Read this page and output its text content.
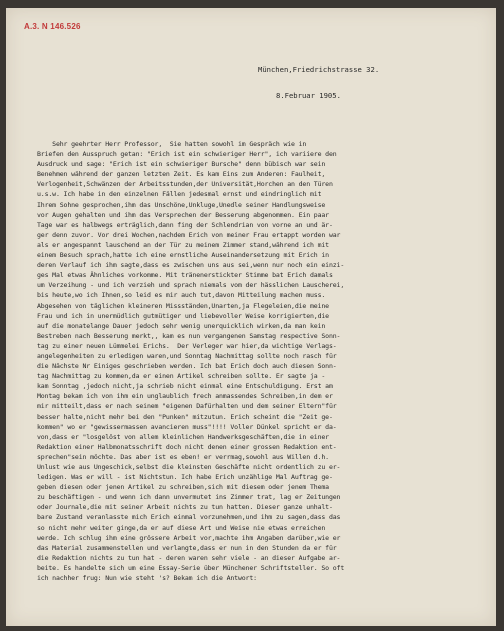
A.3. N 146.526
München,Friedrichstrasse 32.
8.Februar 1905.
Sehr geehrter Herr Professor,  Sie hatten sowohl im Gespräch wie in
Briefen den Ausspruch getan: "Erich ist ein schwieriger Herr", ich variiere den
Ausdruck und sage: "Erich ist ein schwieriger Bursche" denn bübisch war sein
Benehmen während der ganzen letzten Zeit. Es kam Eins zum Anderen: Faulheit,
Verlogenheit,Schwänzen der Arbeitsstunden,der Universität,Horchen an den Türen
u.s.w. Ich habe in den einzelnen Fällen jedesmal ernst und eindringlich mit
Ihrem Sohne gesprochen,ihm das Unschöne,Unkluge,Unedle seiner Handlungsweise
vor Augen gehalten und ihm das Versprechen der Besserung abgenommen. Ein paar
Tage war es halbwegs erträglich,dann fing der Schlendrian von vorne an und är-
ger denn zuvor. Vor drei Wochen,nachdem Erich von meiner Frau ertappt worden war
als er angespannt lauschend an der Tür zu meinem Zimmer stand,während ich mit
einem Besuch sprach,hatte ich eine ernstliche Auseinandersetzung mit Erich in
deren Verlauf ich ihm sagte,dass es zwischen uns aus sei,wenn nur noch ein einzi-
ges Mal etwas Ähnliches vorkomme. Mit tränenerstickter Stimme bat Erich damals
um Verzeihung - und ich verzieh und sprach niemals vom der hässlichen Lauscherei,
bis heute,wo ich Ihnen,so leid es mir auch tut,davon Mitteilung machen muss.
Abgesehen von täglichen kleineren Missständen,Unarten,ja Flegeleien,die meine
Frau und ich in unermüdlich gutmütiger und liebevoller Weise korrigierten,die
auf die monatelange Dauer jedoch sehr wenig unerquicklich wirken,da man kein
Bestreben nach Besserung merkt,, kam es nun vergangenen Samstag respective Sonn-
tag zu einer neuen Lümmelei Erichs.  Der Verleger war hier,da wichtige Verlags-
angelegenheiten zu erledigen waren,und Sonntag Nachmittag sollte noch rasch für
die Nächste Nr Einiges geschrieben werden. Ich bat Erich doch auch diesen Sonn-
tag Nachmittag zu kommen,da er einen Artikel schreiben sollte. Er sagte ja -
kam Sonntag ,jedoch nicht,ja schrieb nicht einmal eine Entschuldigung. Erst am
Montag bekam ich von ihm ein unglaublich frech anmassendes Schreiben,in dem er
mir mitteilt,dass er nach seinem "eigenen Dafürhalten und dem seiner Eltern"für
besser halte,nicht mehr bei den "Punken" mitzutun. Erich scheint die "Zeit ge-
kommen" wo er "gewissermassen avancieren muss"!!!! Voller Dünkel spricht er da-
von,dass er "losgelöst von allem kleinlichen Handwerksgeschäften,die in einer
Redaktion einer Halbmonatsschrift doch nicht denen einer grossen Redaktion ent-
sprechen"sein möchte. Das aber ist es eben! er verrmag,sowohl aus Willen d.h.
Unlust wie aus Ungeschick,selbst die kleinsten Geschäfte nicht ordentlich zu er-
ledigen. Was er will - ist Nichtstun. Ich habe Erich unzählige Mal Auftrag ge-
geben diesen oder jenen Artikel zu schreiben,sich mit diesem oder jenem Thema
zu beschäftigen - und wenn ich dann unvermutet ins Zimmer trat, lag er Zeitungen
oder Journale,die mit seiner Arbeit nichts zu tun hatten. Dieser ganze unhalt-
bare Zustand veranlasste mich Erich einmal vorzunehmen,und ihm zu sagen,dass das
so nicht mehr weiter ginge,da er auf diese Art und Weise nie etwas erreichen
werde. Ich schlug ihm eine grössere Arbeit vor,machte ihm Angaben darüber,wie er
das Material zusammenstellen und verlangte,dass er nun in den Stunden da er für
die Redaktion nichts zu tun hat - deren waren sehr viele - an dieser Aufgabe ar-
beite. Es handelte sich um eine Essay-Serie über Münchener Schriftsteller. So oft
ich nachher frug: Nun wie steht 's? Bekam ich die Antwort:
